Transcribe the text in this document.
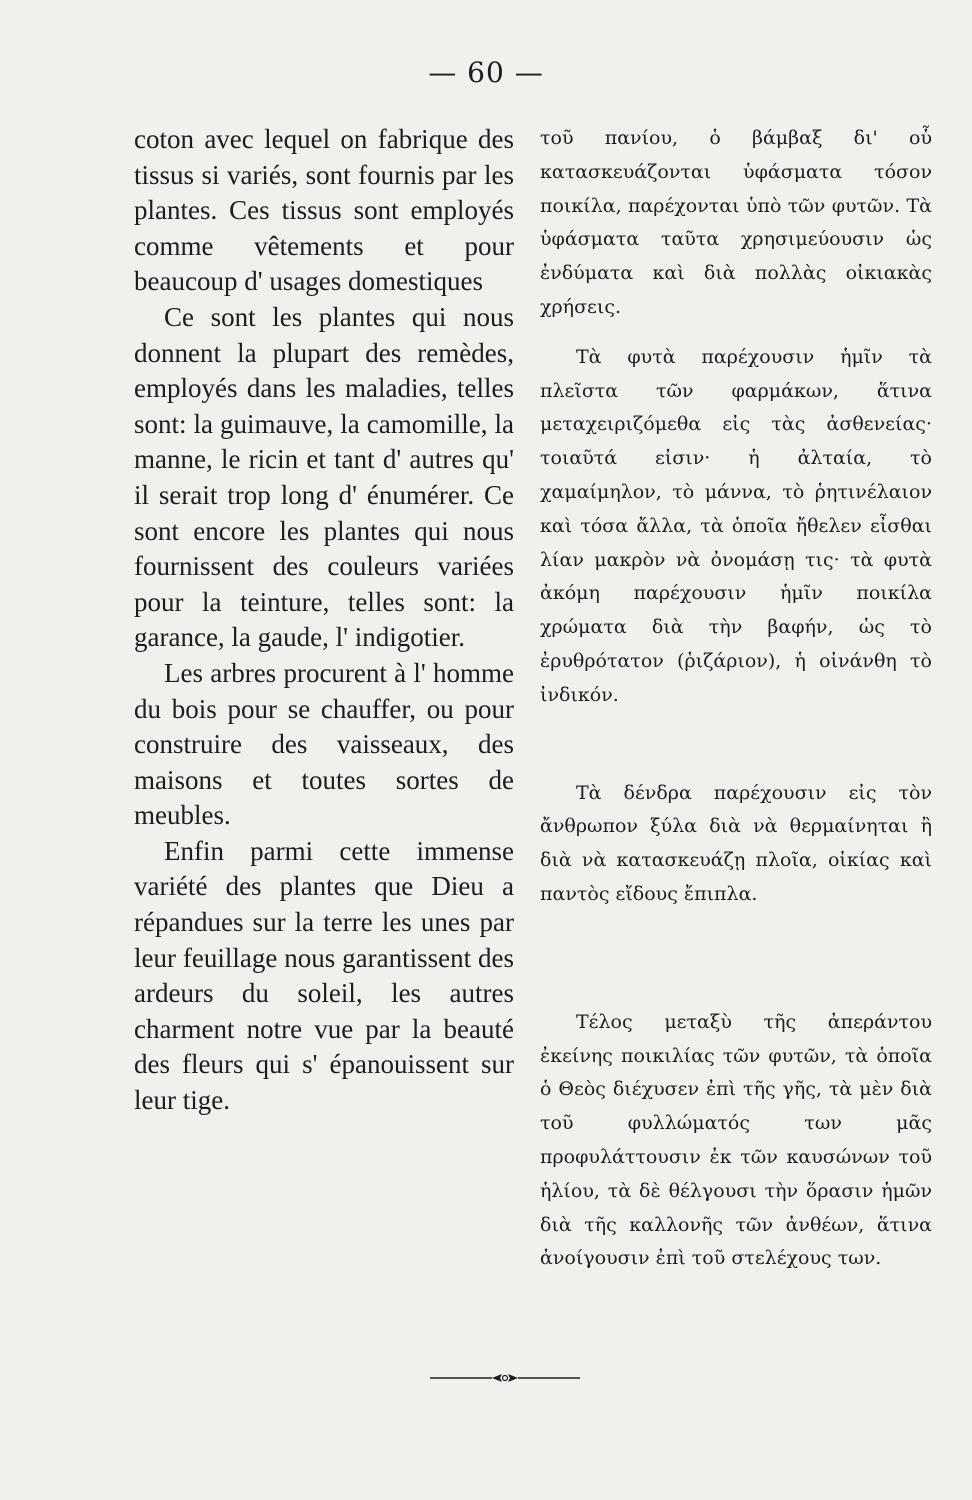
— 60 —

coton avec lequel on fabrique des tissus si variés, sont fournis par les plantes. Ces tissus sont employés comme vêtements et pour beaucoup d' usages domestiques

Ce sont les plantes qui nous donnent la plupart des remèdes, employés dans les maladies, telles sont: la guimauve, la camomille, la manne, le ricin et tant d' autres qu' il serait trop long d' énumérer. Ce sont encore les plantes qui nous fournissent des couleurs variées pour la teinture, telles sont: la garance, la gaude, l' indigotier.

Les arbres procurent à l' homme du bois pour se chauffer, ou pour construire des vaisseaux, des maisons et toutes sortes de meubles.

Enfin parmi cette immense variété des plantes que Dieu a répandues sur la terre les unes par leur feuillage nous garantissent des ardeurs du soleil, les autres charment notre vue par la beauté des fleurs qui s' épanouissent sur leur tige.

τοῦ πανίου, ὁ βάμβαξ δι' οὗ κατασκευάζονται ὑφάσματα τόσον ποικίλα, παρέχονται ὑπὸ τῶν φυτῶν. Τὰ ὑφάσματα ταῦτα χρησιμεύουσιν ὡς ἐνδύματα καὶ διὰ πολλὰς οἰκιακὰς χρήσεις.

Τὰ φυτὰ παρέχουσιν ἡμῖν τὰ πλεῖστα τῶν φαρμάκων, ἅτινα μεταχειριζόμεθα εἰς τὰς ἀσθενείας· τοιαῦτά εἰσιν· ἡ ἀλταία, τὸ χαμαίμηλον, τὸ μάννα, τὸ ῥητινέλαιον καὶ τόσα ἄλλα, τὰ ὁποῖα ἤθελεν εἶσθαι λίαν μακρὸν νὰ ὀνομάσῃ τις· τὰ φυτὰ ἀκόμη παρέχουσιν ἡμῖν ποικίλα χρώματα διὰ τὴν βαφήν, ὡς τὸ ἐρυθρότατον (ῥιζάριον), ἡ οἰνάνθη τὸ ἰνδικόν.

Τὰ δένδρα παρέχουσιν εἰς τὸν ἄνθρωπον ξύλα διὰ νὰ θερμαίνηται ἢ διὰ νὰ κατασκευάζῃ πλοῖα, οἰκίας καὶ παντὸς εἴδους ἔπιπλα.

Τέλος μεταξὺ τῆς ἀπεράντου ἐκείνης ποικιλίας τῶν φυτῶν, τὰ ὁποῖα ὁ Θεὸς διέχυσεν ἐπὶ τῆς γῆς, τὰ μὲν διὰ τοῦ φυλλώματός των μᾶς προφυλάττουσιν ἐκ τῶν καυσώνων τοῦ ἡλίου, τὰ δὲ θέλγουσι τὴν ὅρασιν ἡμῶν διὰ τῆς καλλονῆς τῶν ἀνθέων, ἅτινα ἀνοίγουσιν ἐπὶ τοῦ στελέχους των.
